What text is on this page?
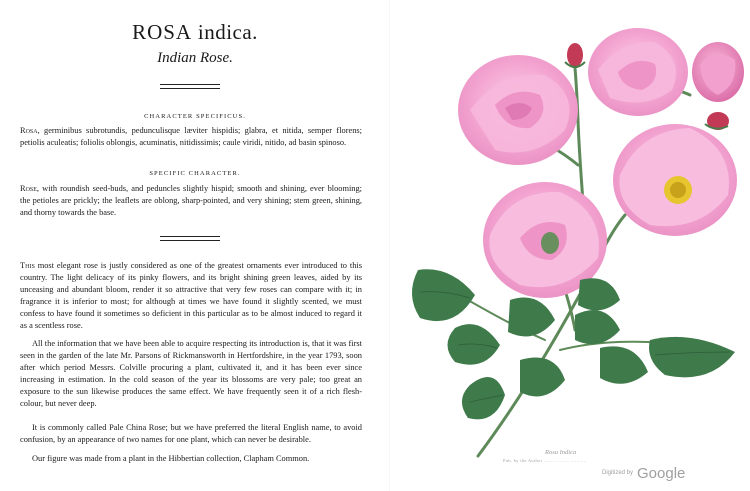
ROSA indica.
Indian Rose.
CHARACTER SPECIFICUS.
Rosa, germinibus subrotundis, pedunculisque læviter hispidis; glabra, et nitida, semper florens; petiolis aculeatis; foliolis oblongis, acuminatis, nitidissimis; caule viridi, nitido, ad basin spinoso.
SPECIFIC CHARACTER.
Rose, with roundish seed-buds, and peduncles slightly hispid; smooth and shining, ever blooming; the petioles are prickly; the leaflets are oblong, sharp-pointed, and very shining; stem green, shining, and thorny towards the base.
This most elegant rose is justly considered as one of the greatest ornaments ever introduced to this country. The light delicacy of its pinky flowers, and its bright shining green leaves, aided by its unceasing and abundant bloom, render it so attractive that very few roses can compare with it; in fragrance it is inferior to most; for although at times we have found it slightly scented, we must confess to have found it sometimes so deficient in this particular as to be almost induced to regard it as a scentless rose.
All the information that we have been able to acquire respecting its introduction is, that it was first seen in the garden of the late Mr. Parsons of Rickmansworth in Hertfordshire, in the year 1793, soon after which period Messrs. Colville procuring a plant, cultivated it, and it has been ever since increasing in estimation. In the cold season of the year its blossoms are very pale; too great an exposure to the sun likewise produces the same effect. We have frequently seen it of a rich flesh-colour, but never deep.
It is commonly called Pale China Rose; but we have preferred the literal English name, to avoid confusion, by an appearance of two names for one plant, which can never be desirable.
Our figure was made from a plant in the Hibbertian collection, Clapham Common.
Rosa Indica
Pub. by the Author ....... .......... ...........
Digitized by Google
